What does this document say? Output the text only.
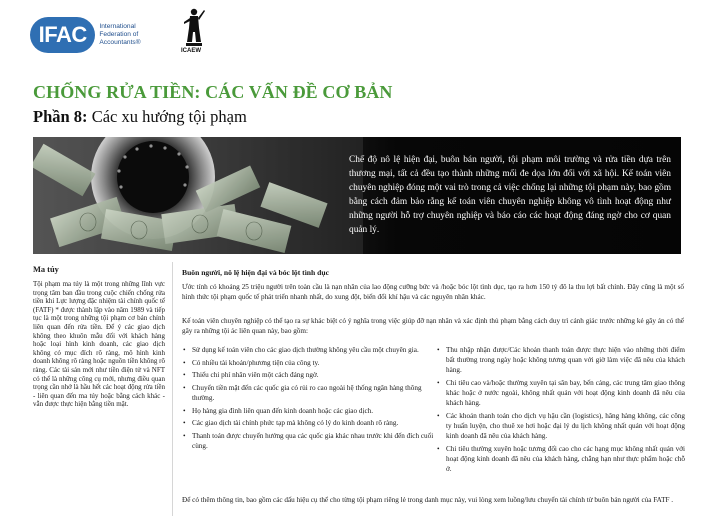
IFAC	International Federation of Accountants®
ICAEW
CHỐNG RỬA TIỀN: CÁC VẤN ĐỀ CƠ BẢN
Phần 8: Các xu hướng tội phạm
Chế độ nô lệ hiện đại, buôn bán người, tội phạm môi trường và rửa tiền dựa trên thương mại, tất cả đều tạo thành những mối đe dọa lớn đối với xã hội. Kế toán viên chuyên nghiệp đóng một vai trò trong cả việc chống lại những tội phạm này, bao gồm bằng cách đảm bảo rằng kế toán viên chuyên nghiệp không vô tình hoạt động như những người hỗ trợ chuyên nghiệp và báo cáo các hoạt động đáng ngờ cho cơ quan quản lý.
Ma túy
Tội phạm ma túy là một trong những lĩnh vực trọng tâm ban đầu trong cuộc chiến chống rửa tiền khi Lực lượng đặc nhiệm tài chính quốc tế (FATF) * được thành lập vào năm 1989 và tiếp tục là một trong những tội phạm cơ bản chính liên quan đến rửa tiền. Để ý các giao dịch không theo khuôn mẫu đối với khách hàng hoặc loại hình kinh doanh, các giao dịch không có mục đích rõ ràng, mô hình kinh doanh không rõ ràng hoặc nguồn tiền không rõ ràng. Các tài sản mới như tiền điện tử và NFT có thể là những công cụ mới, nhưng điều quan trọng cần nhớ là hầu hết các hoạt động rửa tiền - liên quan đến ma túy hoặc bằng cách khác - vẫn được thực hiện bằng tiền mặt.
Buôn người, nô lệ hiện đại và bóc lột tình dục
Ước tính có khoảng 25 triệu người trên toàn cầu là nạn nhân của lao động cưỡng bức và /hoặc bóc lột tình dục, tạo ra hơn 150 tỷ đô la thu lợi bất chính. Đây cũng là một số hình thức tội phạm quốc tế phát triển nhanh nhất, do xung đột, biến đổi khí hậu và các nguyên nhân khác.
Kế toán viên chuyên nghiệp có thể tạo ra sự khác biệt có ý nghĩa trong việc giúp đỡ nạn nhân và xác định thủ phạm bằng cách duy trì cảnh giác trước những kẻ gây án có thể gây ra những tội ác liên quan này, bao gồm:
• Sử dụng kế toán viên cho các giao dịch thường không yêu cầu một chuyên gia.
• Có nhiều tài khoản/phương tiện của công ty.
• Thiếu chi phí nhân viên một cách đáng ngờ.
• Chuyển tiền mặt đến các quốc gia có rủi ro cao ngoài hệ thống ngân hàng thông thường.
• Họ hàng gia đình liên quan đến kinh doanh hoặc các giao dịch.
• Các giao dịch tài chính phức tạp mà không có lý do kinh doanh rõ ràng.
• Thanh toán được chuyển hướng qua các quốc gia khác nhau trước khi đến đích cuối cùng.
• Thu nhập nhận được/Các khoản thanh toán được thực hiện vào những thời điểm bất thường trong ngày hoặc không tương quan với giờ làm việc đã nêu của khách hàng.
• Chi tiêu cao và/hoặc thường xuyên tại sân bay, bến cảng, các trung tâm giao thông khác hoặc ở nước ngoài, không nhất quán với hoạt động kinh doanh đã nêu của khách hàng.
• Các khoản thanh toán cho dịch vụ hậu cần (logistics), hãng hàng không, các công ty huấn luyện, cho thuê xe hơi hoặc đại lý du lịch không nhất quán với hoạt động kinh doanh đã nêu của khách hàng.
• Chi tiêu thường xuyên hoặc tương đối cao cho các hạng mục không nhất quán với hoạt động kinh doanh đã nêu của khách hàng, chẳng hạn như thực phẩm hoặc chỗ ở.
Để có thêm thông tin, bao gồm các dấu hiệu cụ thể cho từng tội phạm riêng lẻ trong danh mục này, vui lòng xem luồng/lưu chuyển tài chính từ buôn bán người của FATF .
